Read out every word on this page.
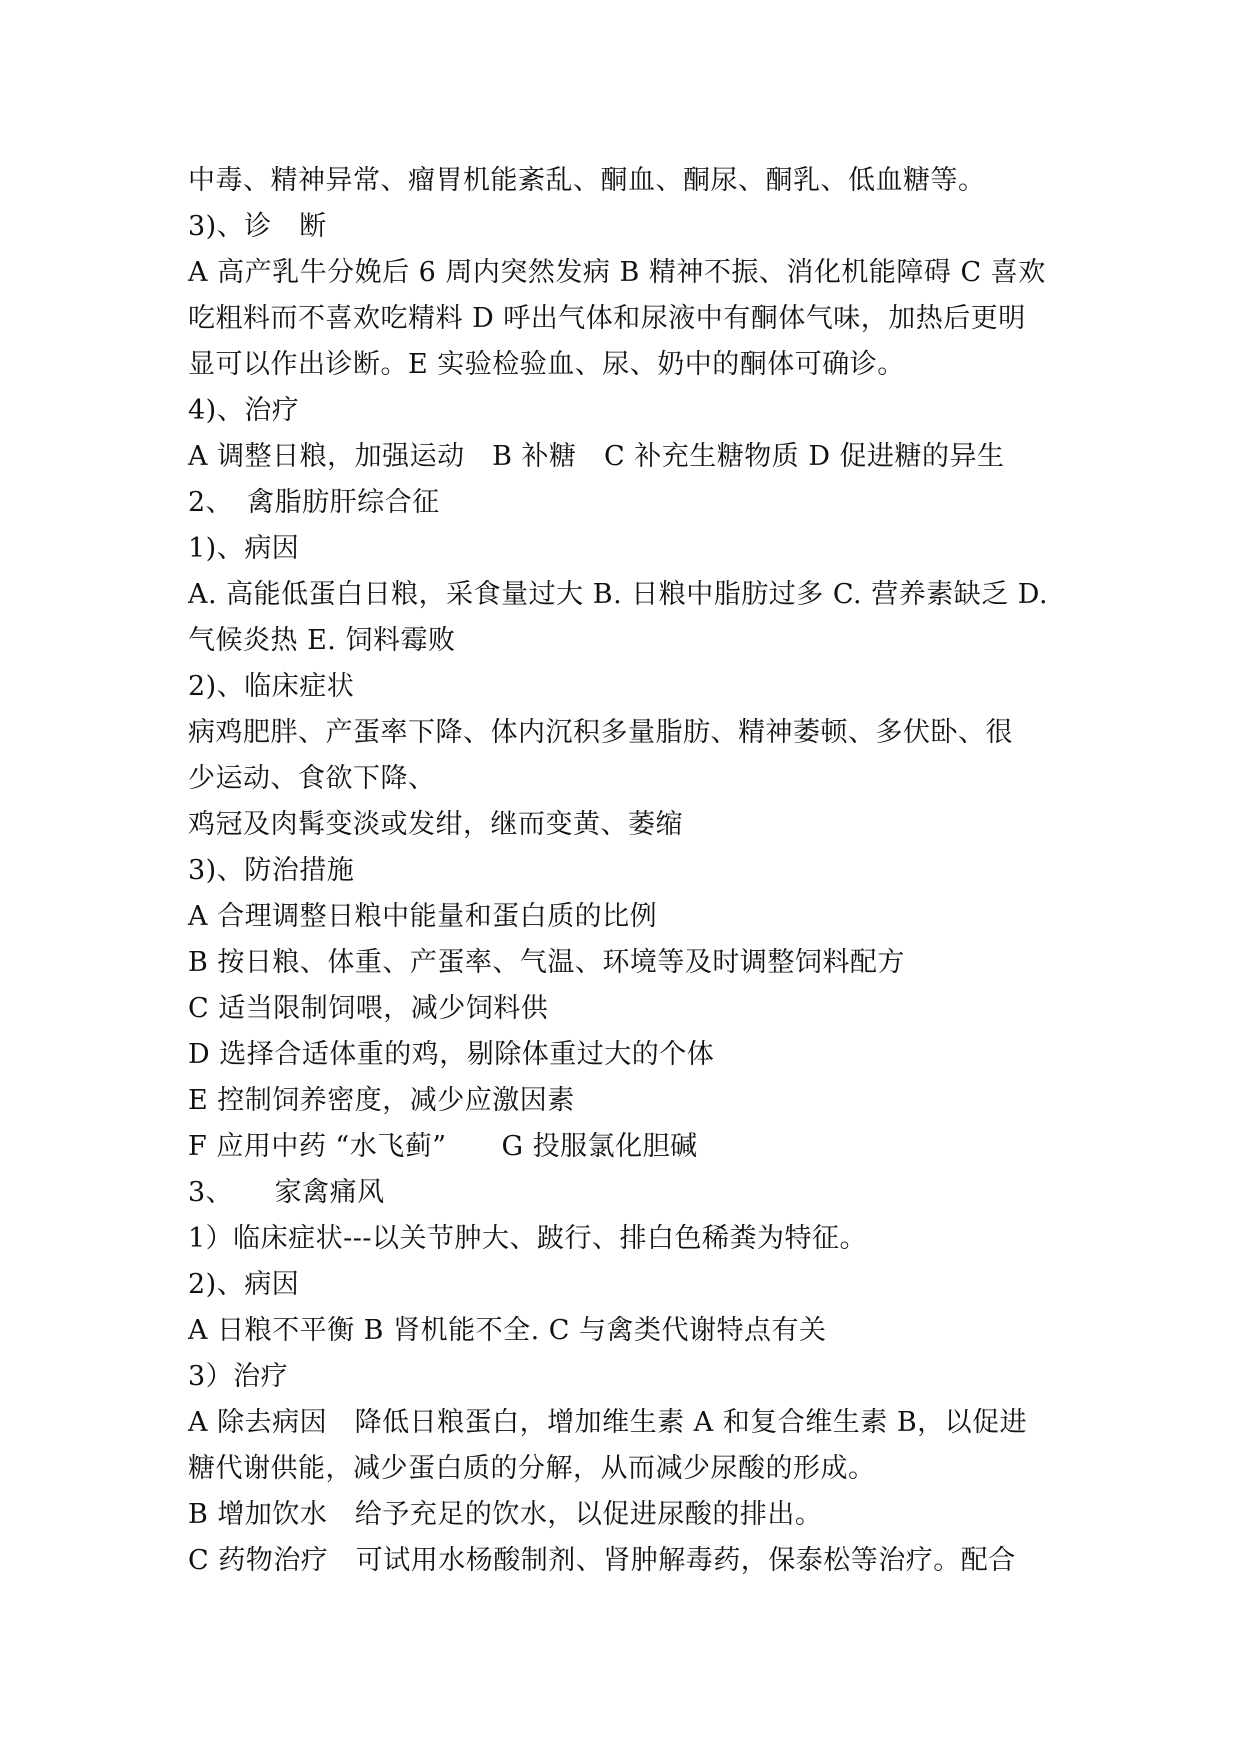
中毒、精神异常、瘤胃机能紊乱、酮血、酮尿、酮乳、低血糖等。
3)、诊　断
A 高产乳牛分娩后 6 周内突然发病 B 精神不振、消化机能障碍 C 喜欢
吃粗料而不喜欢吃精料 D 呼出气体和尿液中有酮体气味，加热后更明
显可以作出诊断。E 实验检验血、尿、奶中的酮体可确诊。
4)、治疗
A 调整日粮，加强运动　B 补糖　C 补充生糖物质 D 促进糖的异生
2、　禽脂肪肝综合征
1)、病因
A. 高能低蛋白日粮，采食量过大 B. 日粮中脂肪过多 C. 营养素缺乏 D.
气候炎热 E. 饲料霉败
2)、临床症状
病鸡肥胖、产蛋率下降、体内沉积多量脂肪、精神萎顿、多伏卧、很
少运动、食欲下降、
鸡冠及肉髯变淡或发绀，继而变黄、萎缩
3)、防治措施
A 合理调整日粮中能量和蛋白质的比例
B 按日粮、体重、产蛋率、气温、环境等及时调整饲料配方
C 适当限制饲喂，减少饲料供
D 选择合适体重的鸡，剔除体重过大的个体
E 控制饲养密度，减少应激因素
F 应用中药 “水飞蓟”　　G 投服氯化胆碱
3、　　家禽痛风
1）临床症状---以关节肿大、跛行、排白色稀粪为特征。
2)、病因
A 日粮不平衡 B 肾机能不全. C 与禽类代谢特点有关
3）治疗
A 除去病因　降低日粮蛋白，增加维生素 A 和复合维生素 B，以促进
糖代谢供能，减少蛋白质的分解，从而减少尿酸的形成。
B 增加饮水　给予充足的饮水，以促进尿酸的排出。
C 药物治疗　可试用水杨酸制剂、肾肿解毒药，保泰松等治疗。配合
